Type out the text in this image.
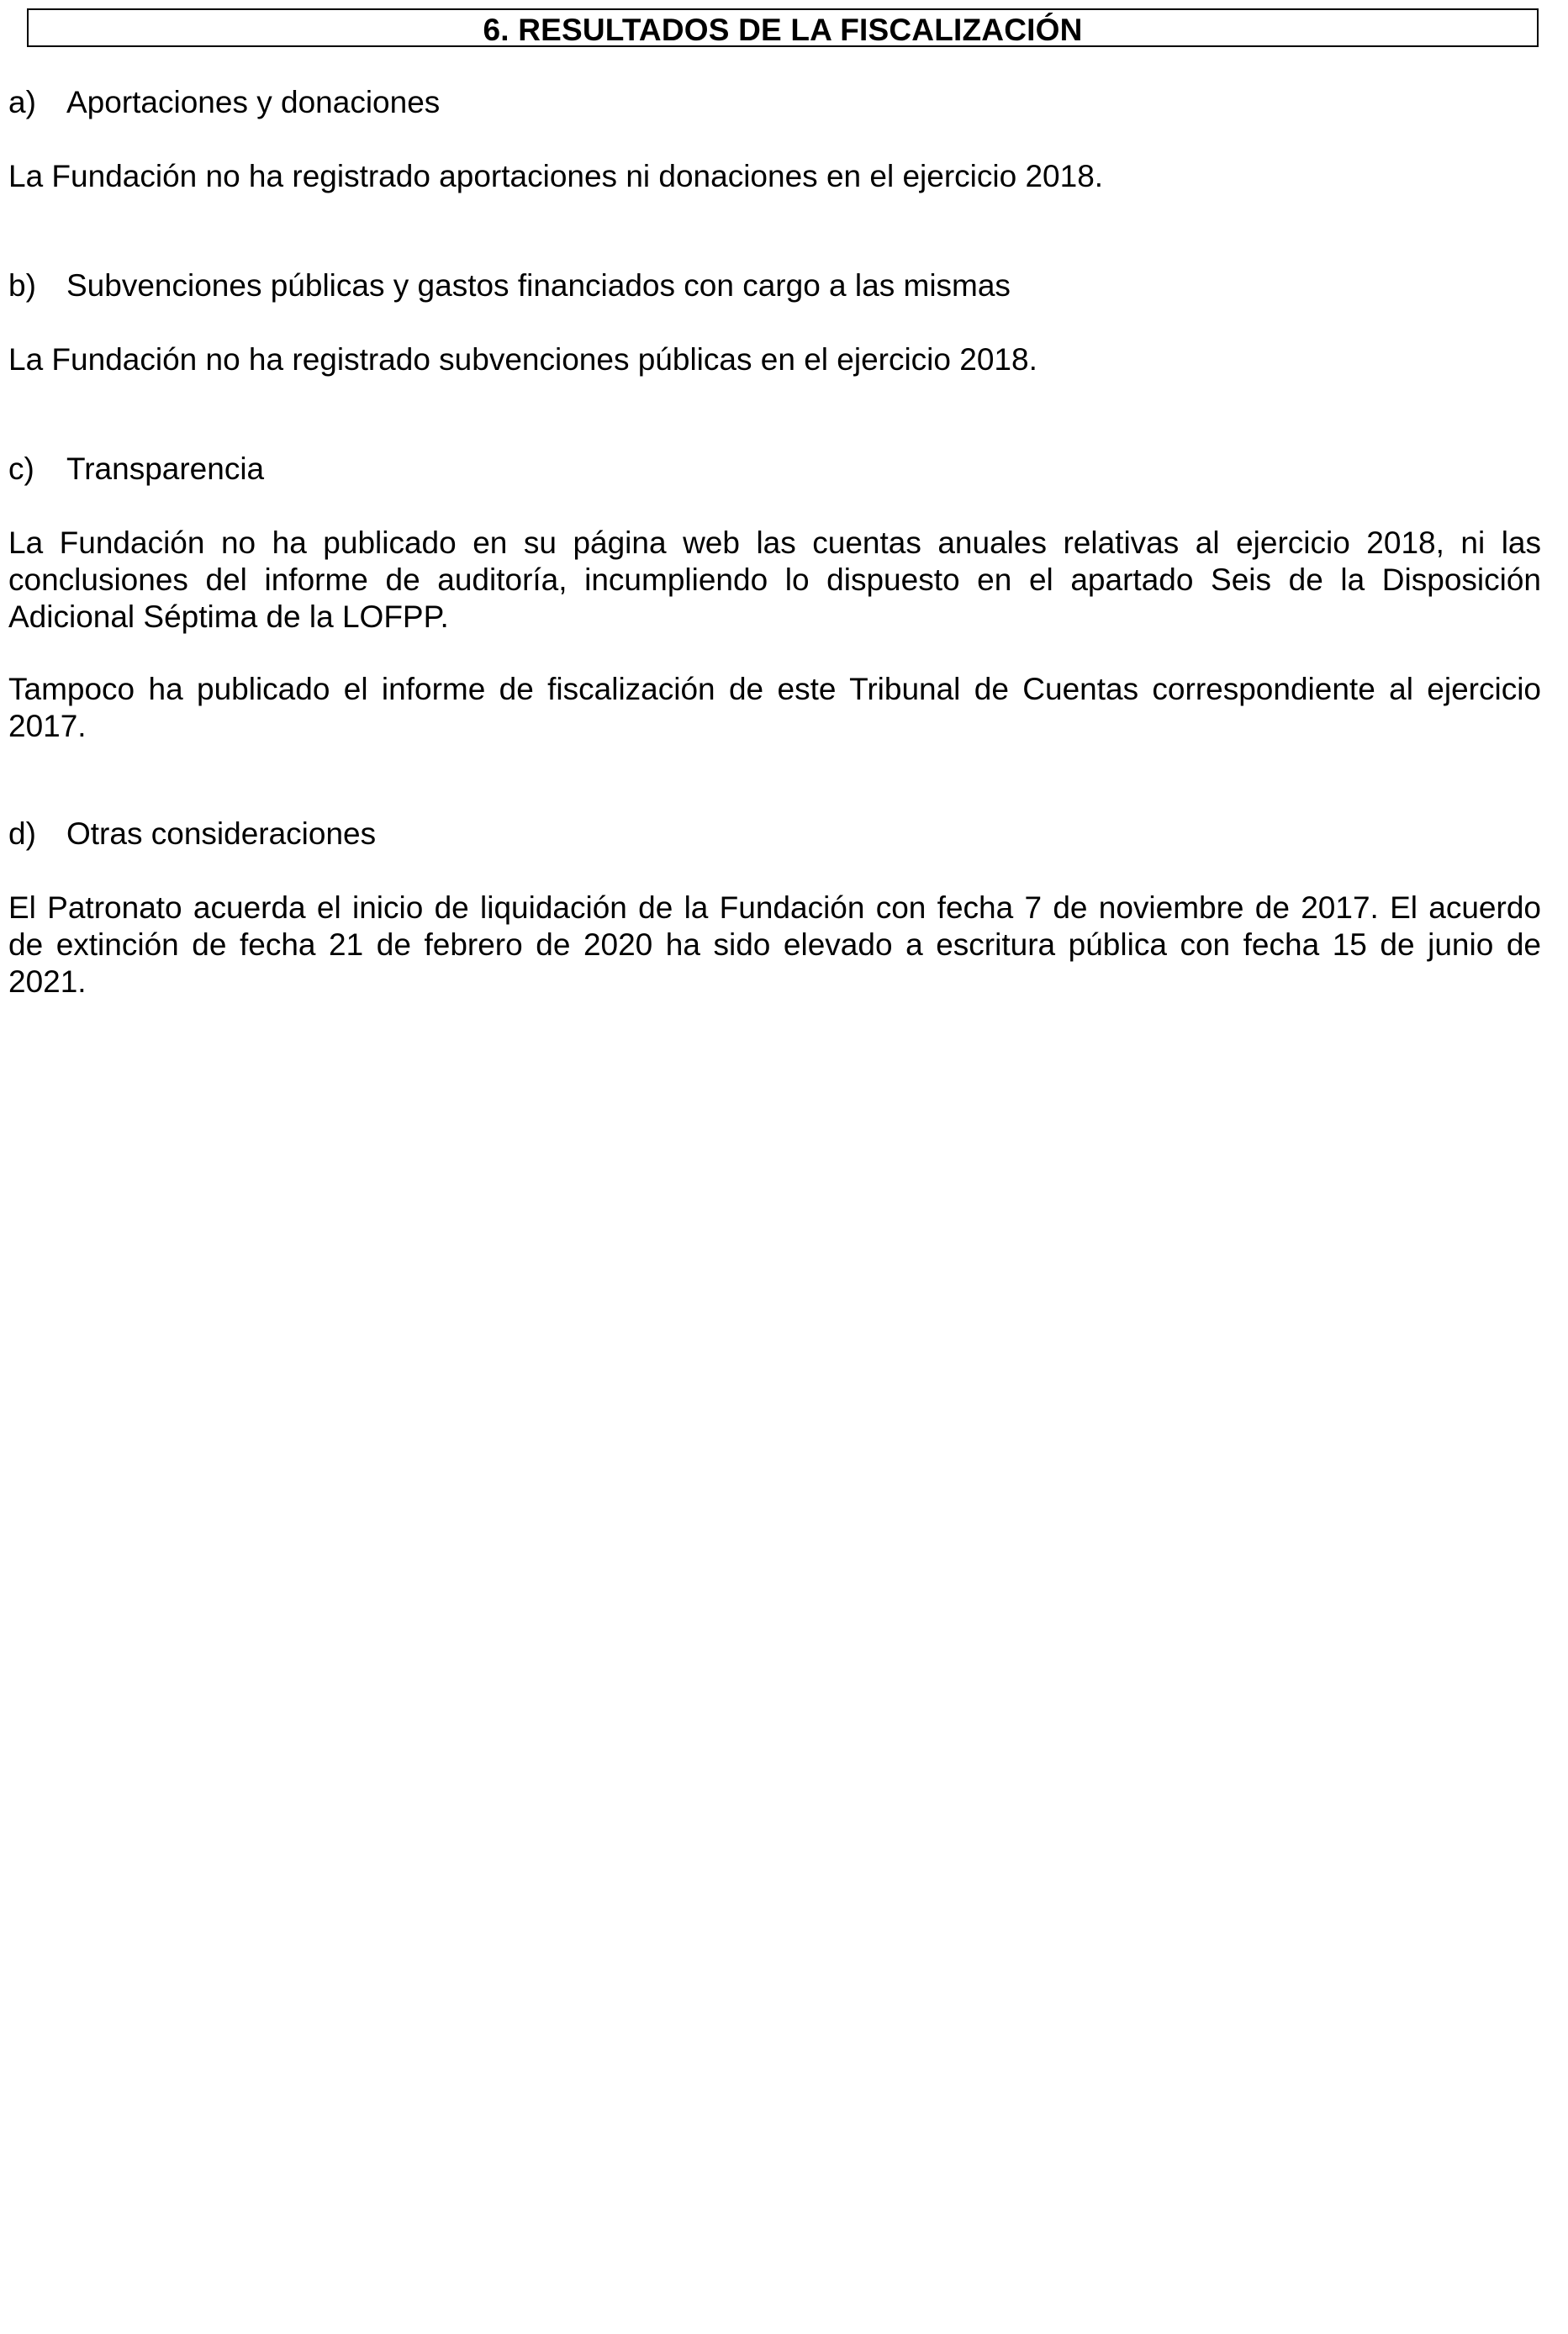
6. RESULTADOS DE LA FISCALIZACIÓN
a) Aportaciones y donaciones
La Fundación no ha registrado aportaciones ni donaciones en el ejercicio 2018.
b) Subvenciones públicas y gastos financiados con cargo a las mismas
La Fundación no ha registrado subvenciones públicas en el ejercicio 2018.
c) Transparencia
La Fundación no ha publicado en su página web las cuentas anuales relativas al ejercicio 2018, ni las
conclusiones del informe de auditoría, incumpliendo lo dispuesto en el apartado Seis de la Disposición
Adicional Séptima de la LOFPP.
Tampoco ha publicado el informe de fiscalización de este Tribunal de Cuentas correspondiente al ejercicio
2017.
d) Otras consideraciones
El Patronato acuerda el inicio de liquidación de la Fundación con fecha 7 de noviembre de 2017. El acuerdo
de extinción de fecha 21 de febrero de 2020 ha sido elevado a escritura pública con fecha 15 de junio de
2021.
